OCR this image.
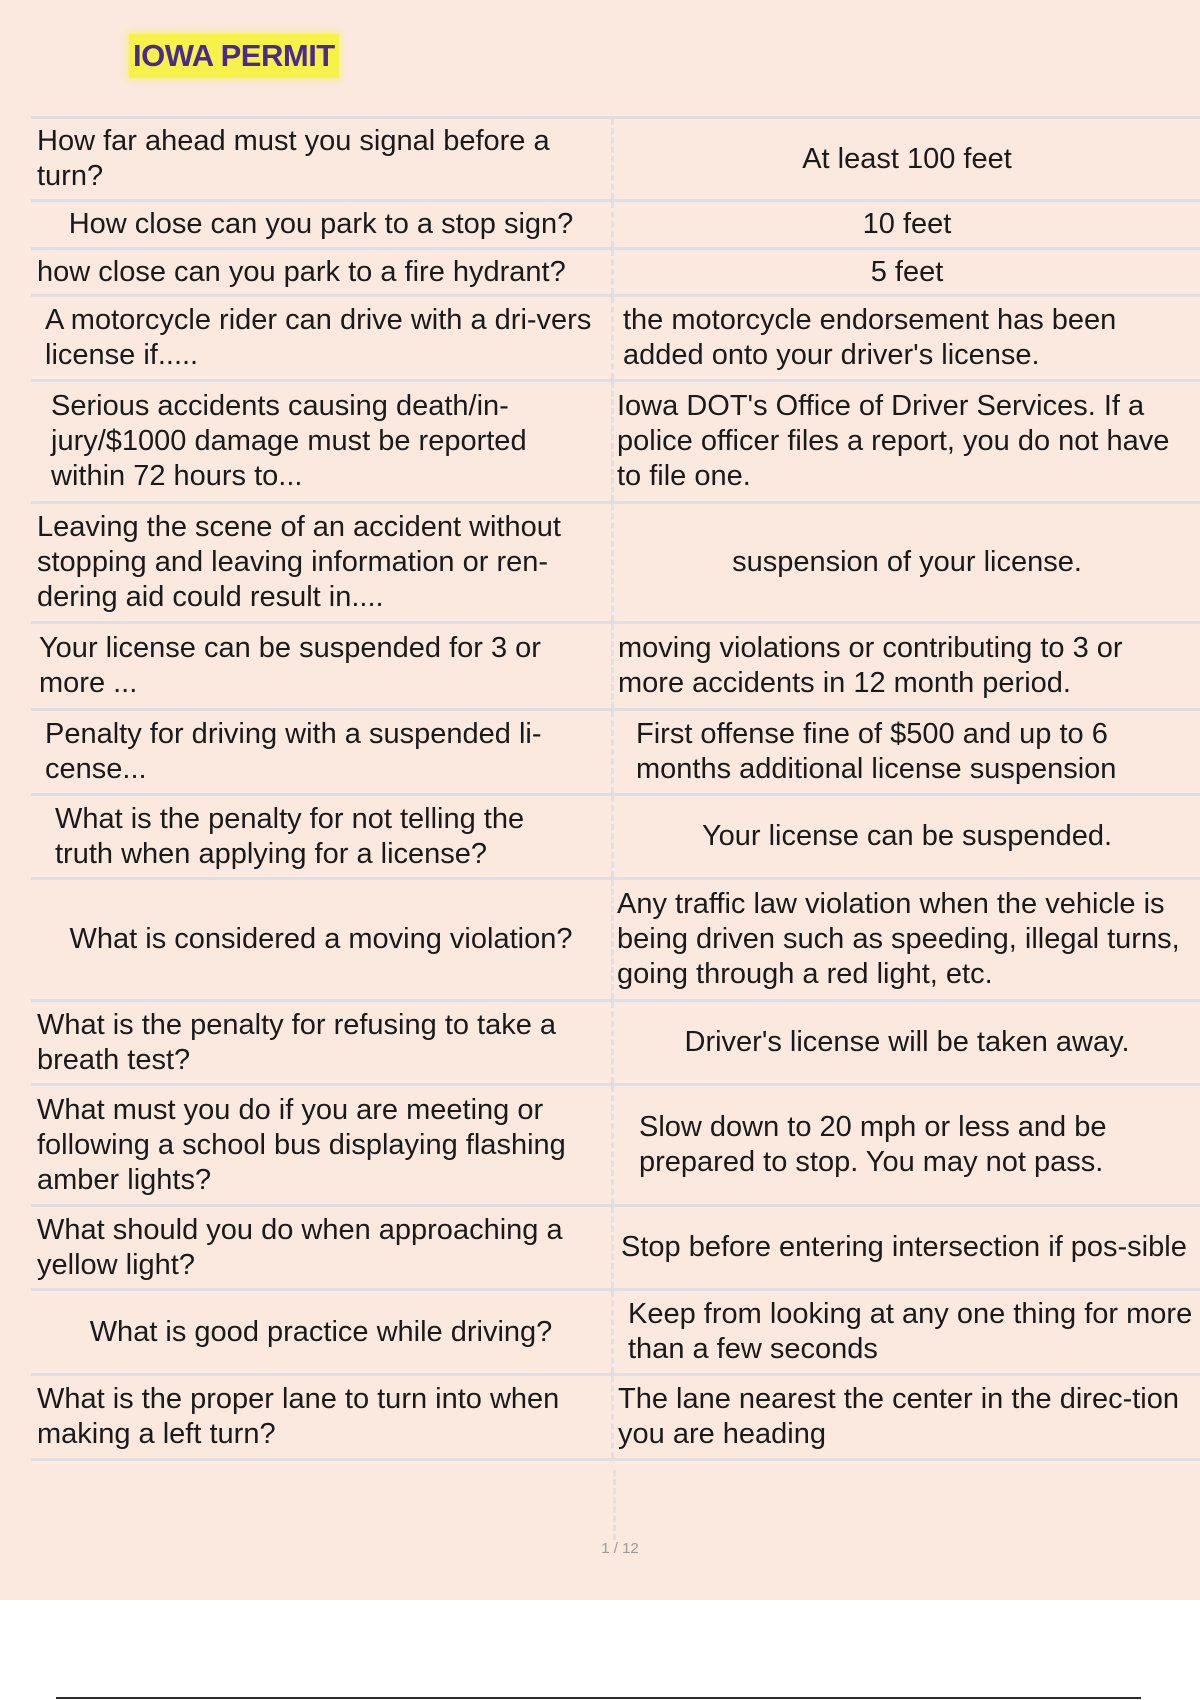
IOWA PERMIT
How far ahead must you signal before a turn?
At least 100 feet
How close can you park to a stop sign?	10 feet
how close can you park to a fire hydrant?	5 feet
A motorcycle rider can drive with a dri-vers license if.....
the motorcycle endorsement has been added onto your driver's license.
Serious accidents causing death/in-jury/$1000 damage must be reported within 72 hours to...
Iowa DOT's Office of Driver Services. If a police officer files a report, you do not have to file one.
Leaving the scene of an accident without stopping and leaving information or ren-dering aid could result in....
suspension of your license.
Your license can be suspended for 3 or more ...
moving violations or contributing to 3 or more accidents in 12 month period.
Penalty for driving with a suspended li-cense...
First offense fine of $500 and up to 6 months additional license suspension
What is the penalty for not telling the truth when applying for a license?
Your license can be suspended.
What is considered a moving violation?
Any traffic law violation when the vehicle is being driven such as speeding, illegal turns, going through a red light, etc.
What is the penalty for refusing to take a breath test?
Driver's license will be taken away.
What must you do if you are meeting or following a school bus displaying flashing amber lights?
Slow down to 20 mph or less and be prepared to stop. You may not pass.
What should you do when approaching a yellow light?
Stop before entering intersection if pos-sible
What is good practice while driving?
Keep from looking at any one thing for more than a few seconds
What is the proper lane to turn into when making a left turn?
The lane nearest the center in the direc-tion you are heading
1 / 12
